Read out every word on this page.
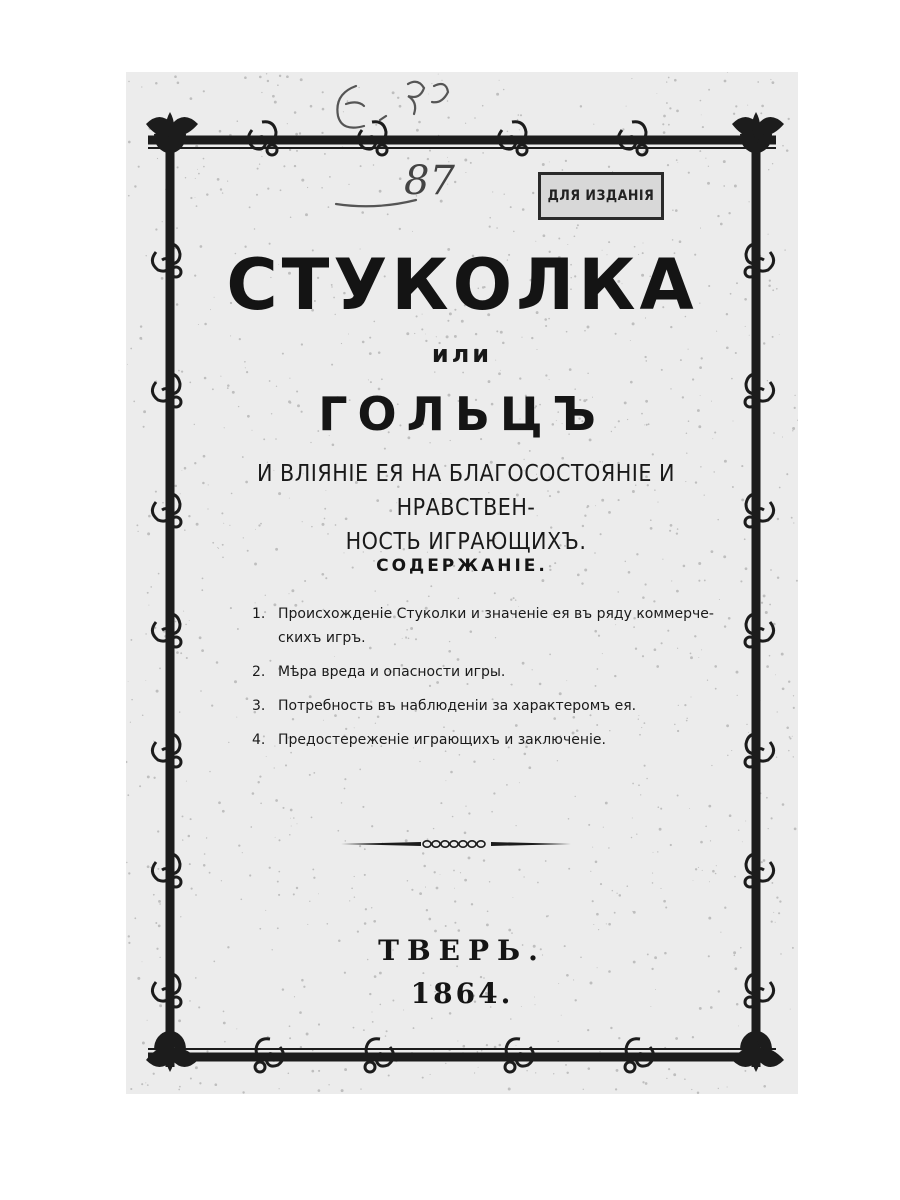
87	ДЛЯ ИЗДАНІЯ
СТУКОЛКА
или
ГОЛЬЦЪ
И ВЛІЯНІЕ ЕЯ НА БЛАГОСОСТОЯНІЕ И НРАВСТВЕН-
НОСТЬ ИГРАЮЩИХЪ.
СОДЕРЖАНІЕ.
1. Происхожденіе Стуколки и значеніе ея въ ряду коммерче-
скихъ игръ.
2. Мѣра вреда и опасности игры.
3. Потребность въ наблюденіи за характеромъ ея.
4. Предостереженіе играющихъ и заключеніе.
ТВЕРЬ.
1864.
